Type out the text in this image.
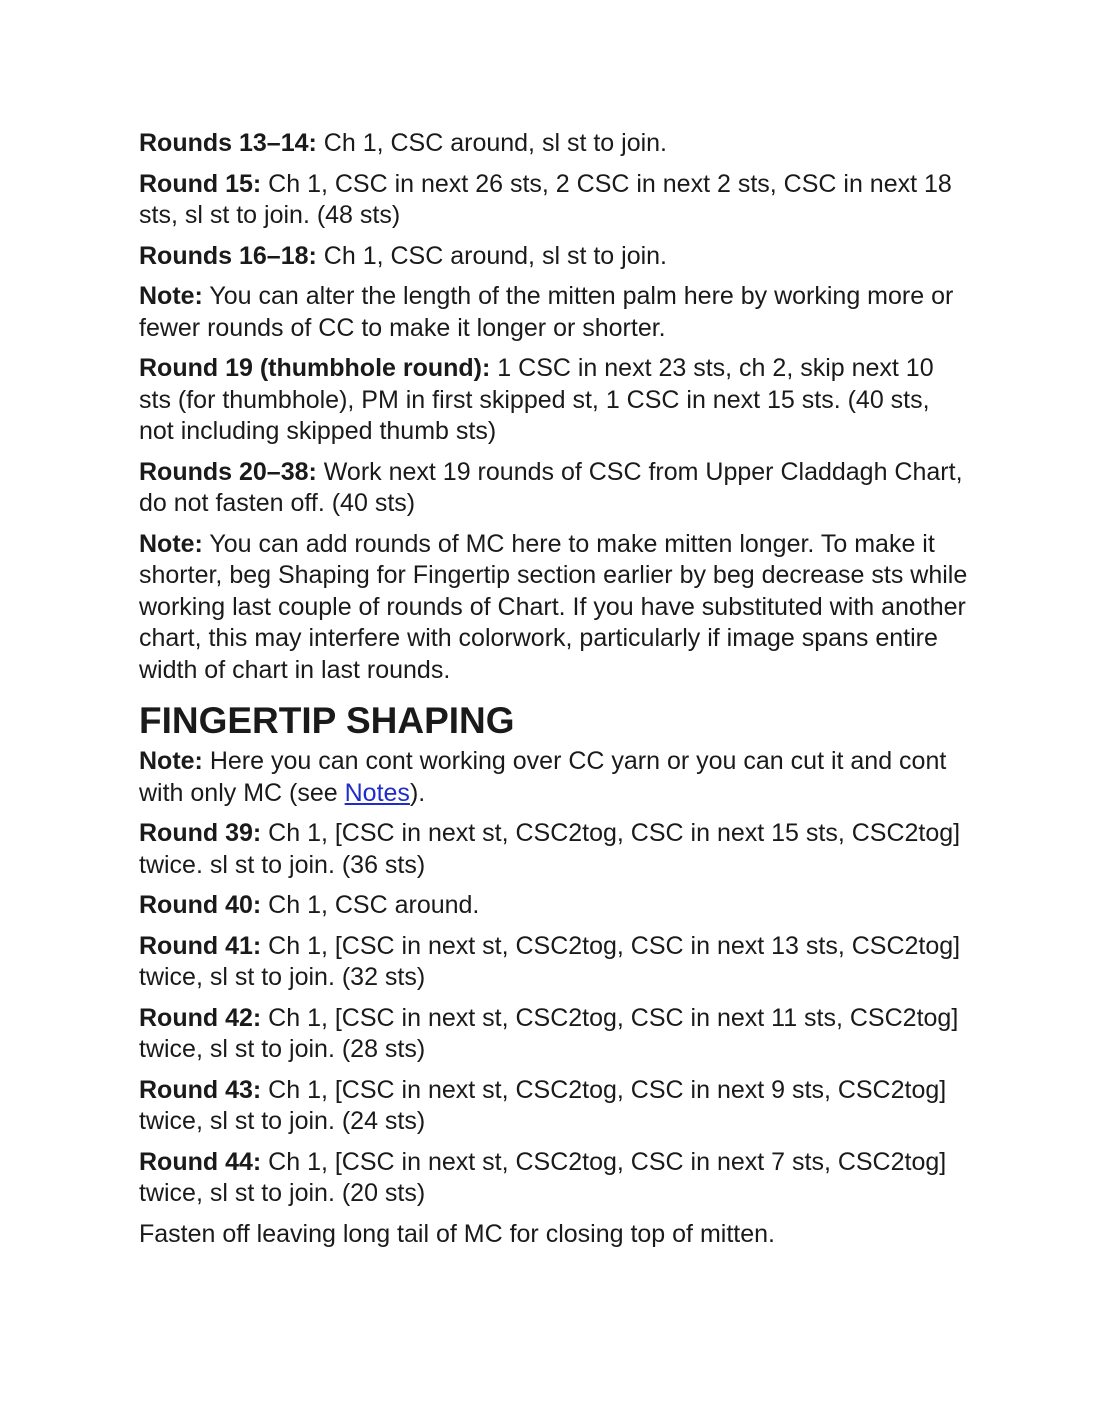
Rounds 13–14: Ch 1, CSC around, sl st to join.

Round 15: Ch 1, CSC in next 26 sts, 2 CSC in next 2 sts, CSC in next 18 sts, sl st to join. (48 sts)

Rounds 16–18: Ch 1, CSC around, sl st to join.

Note: You can alter the length of the mitten palm here by working more or fewer rounds of CC to make it longer or shorter.

Round 19 (thumbhole round): 1 CSC in next 23 sts, ch 2, skip next 10 sts (for thumbhole), PM in first skipped st, 1 CSC in next 15 sts. (40 sts, not including skipped thumb sts)

Rounds 20–38: Work next 19 rounds of CSC from Upper Claddagh Chart, do not fasten off. (40 sts)

Note: You can add rounds of MC here to make mitten longer. To make it shorter, beg Shaping for Fingertip section earlier by beg decrease sts while working last couple of rounds of Chart. If you have substituted with another chart, this may interfere with colorwork, particularly if image spans entire width of chart in last rounds.

FINGERTIP SHAPING

Note: Here you can cont working over CC yarn or you can cut it and cont with only MC (see Notes).

Round 39: Ch 1, [CSC in next st, CSC2tog, CSC in next 15 sts, CSC2tog] twice. sl st to join. (36 sts)

Round 40: Ch 1, CSC around.

Round 41: Ch 1, [CSC in next st, CSC2tog, CSC in next 13 sts, CSC2tog] twice, sl st to join. (32 sts)

Round 42: Ch 1, [CSC in next st, CSC2tog, CSC in next 11 sts, CSC2tog] twice, sl st to join. (28 sts)

Round 43: Ch 1, [CSC in next st, CSC2tog, CSC in next 9 sts, CSC2tog] twice, sl st to join. (24 sts)

Round 44: Ch 1, [CSC in next st, CSC2tog, CSC in next 7 sts, CSC2tog] twice, sl st to join. (20 sts)

Fasten off leaving long tail of MC for closing top of mitten.
